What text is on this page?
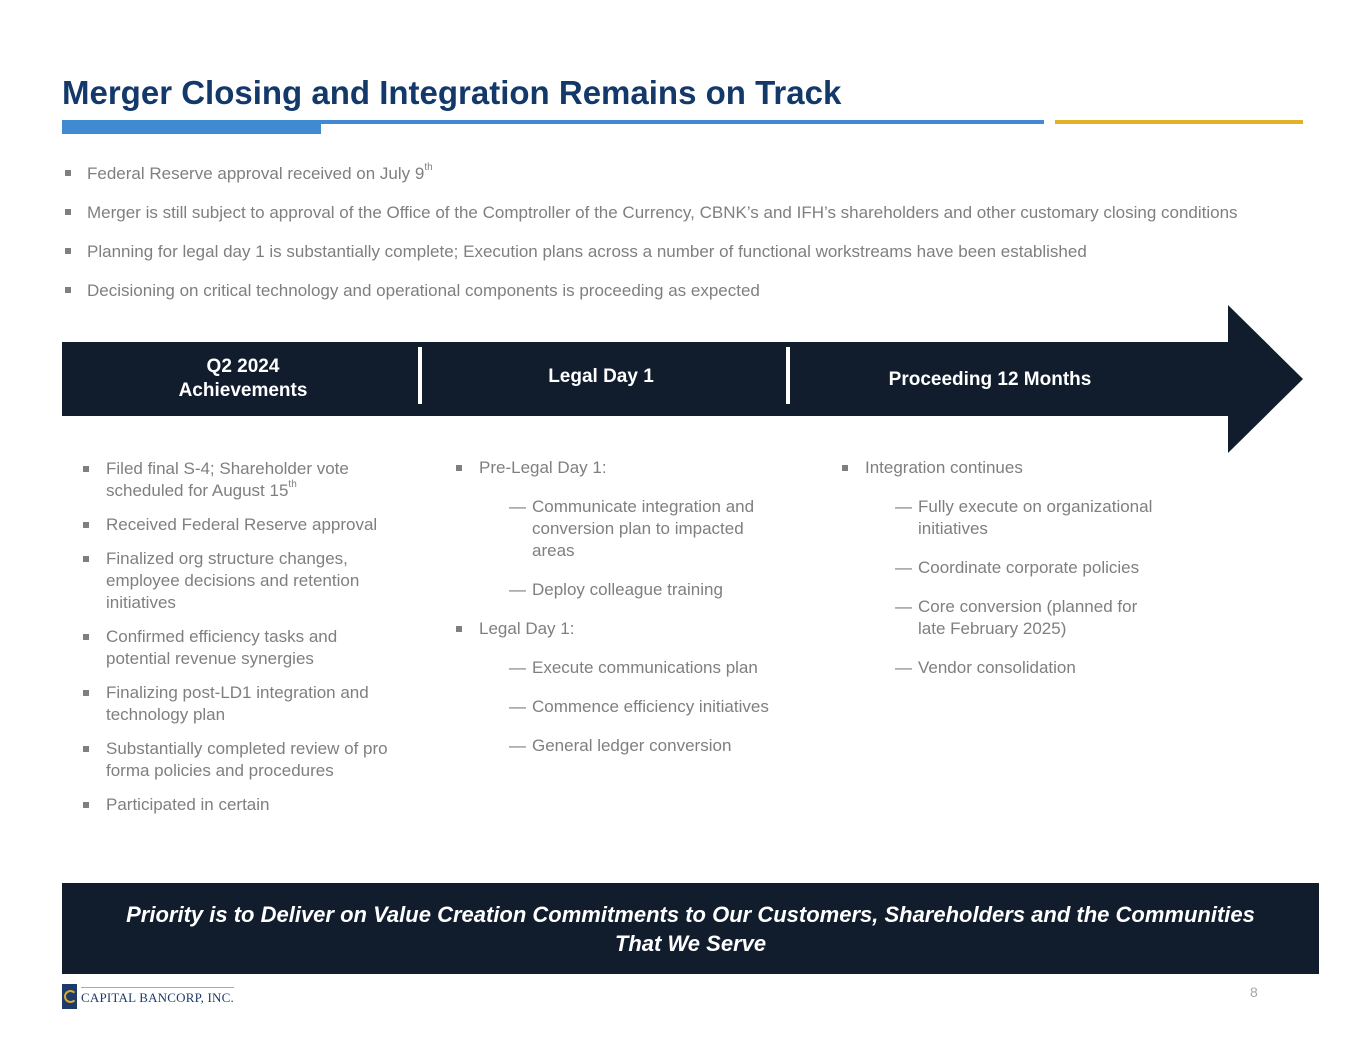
Merger Closing and Integration Remains on Track
Federal Reserve approval received on July 9th
Merger is still subject to approval of the Office of the Comptroller of the Currency, CBNK’s and IFH’s shareholders and other customary closing conditions
Planning for legal day 1 is substantially complete; Execution plans across a number of functional workstreams have been established
Decisioning on critical technology and operational components is proceeding as expected
Q2 2024
Achievements
Legal Day 1	Proceeding 12 Months
Filed final S-4; Shareholder vote scheduled for August 15th
Received Federal Reserve approval
Finalized org structure changes, employee decisions and retention initiatives
Confirmed efficiency tasks and potential revenue synergies
Finalizing post-LD1 integration and technology plan
Substantially completed review of pro forma policies and procedures
Participated in certain
Pre-Legal Day 1:
— Communicate integration and conversion plan to impacted areas
— Deploy colleague training
Legal Day 1:
— Execute communications plan
— Commence efficiency initiatives
— General ledger conversion
Integration continues
— Fully execute on organizational initiatives
— Coordinate corporate policies
— Core conversion (planned for late February 2025)
— Vendor consolidation
Priority is to Deliver on Value Creation Commitments to Our Customers, Shareholders and the Communities That We Serve
CAPITAL BANCORP, INC.	8
